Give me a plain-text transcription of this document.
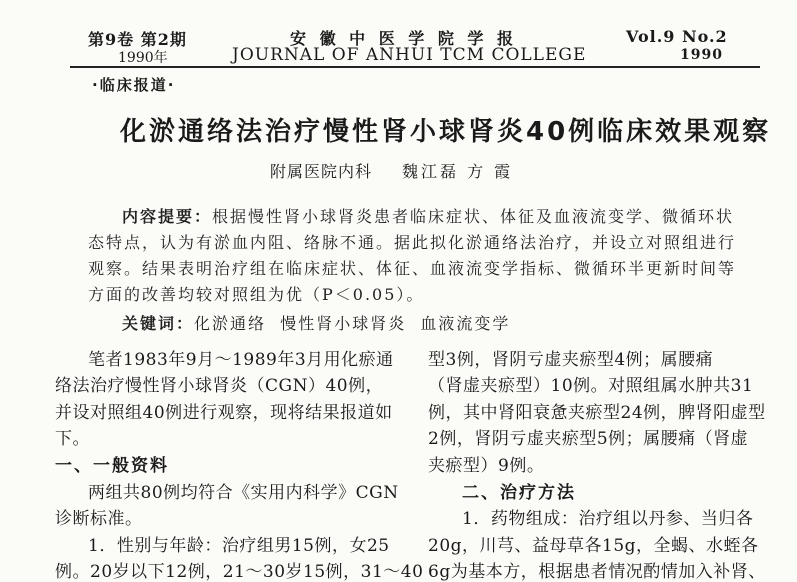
第9卷 第2期
1990年
安 徽 中 医 学 院 学 报
JOURNAL OF ANHUI TCM COLLEGE
Vol.9 No.2
1990
·临床报道·
化淤通络法治疗慢性肾小球肾炎40例临床效果观察
附属医院内科 魏江磊 方 霞
内容提要：根据慢性肾小球肾炎患者临床症状、体征及血液流变学、微循环状
态特点，认为有淤血内阻、络脉不通。据此拟化淤通络法治疗，并设立对照组进行
观察。结果表明治疗组在临床症状、体征、血液流变学指标、微循环半更新时间等
方面的改善均较对照组为优（P＜0.05）。
关键词：化淤通络  慢性肾小球肾炎  血液流变学
笔者1983年9月～1989年3月用化瘀通
络法治疗慢性肾小球肾炎（CGN）40例，
并设对照组40例进行观察，现将结果报道如
下。
一、一般资料
两组共80例均符合《实用内科学》CGN
诊断标准。
1．性别与年龄：治疗组男15例，女25
例。20岁以下12例，21～30岁15例，31～40
型3例，肾阴亏虚夹瘀型4例；属腰痛
（肾虚夹瘀型）10例。对照组属水肿共31
例，其中肾阳衰惫夹瘀型24例，脾肾阳虚型
2例，肾阴亏虚夹瘀型5例；属腰痛（肾虚
夹瘀型）9例。
二、治疗方法
1．药物组成：治疗组以丹参、当归各
20g，川芎、益母草各15g，全蝎、水蛭各
6g为基本方，根据患者情况酌情加入补肾、
